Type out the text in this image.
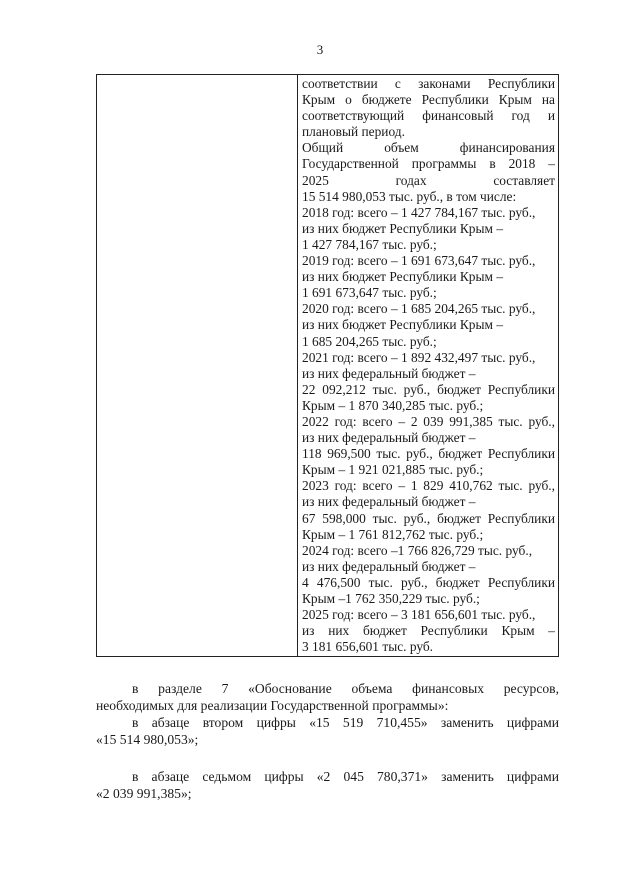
3

соответствии с законами Республики
Крым о бюджете Республики Крым на
соответствующий финансовый год и
плановый период.
Общий объем финансирования
Государственной программы в 2018 –
2025 годах составляет
15 514 980,053 тыс. руб., в том числе:
2018 год: всего – 1 427 784,167 тыс. руб.,
из них бюджет Республики Крым –
1 427 784,167 тыс. руб.;
2019 год: всего – 1 691 673,647 тыс. руб.,
из них бюджет Республики Крым –
1 691 673,647 тыс. руб.;
2020 год: всего – 1 685 204,265 тыс. руб.,
из них бюджет Республики Крым –
1 685 204,265 тыс. руб.;
2021 год: всего – 1 892 432,497 тыс. руб.,
из них федеральный бюджет –
22 092,212 тыс. руб., бюджет Республики
Крым – 1 870 340,285 тыс. руб.;
2022 год: всего – 2 039 991,385 тыс. руб.,
из них федеральный бюджет –
118 969,500 тыс. руб., бюджет Республики
Крым – 1 921 021,885 тыс. руб.;
2023 год: всего – 1 829 410,762 тыс. руб.,
из них федеральный бюджет –
67 598,000 тыс. руб., бюджет Республики
Крым – 1 761 812,762 тыс. руб.;
2024 год: всего –1 766 826,729 тыс. руб.,
из них федеральный бюджет –
4 476,500 тыс. руб., бюджет Республики
Крым –1 762 350,229 тыс. руб.;
2025 год: всего – 3 181 656,601 тыс. руб.,
из них бюджет Республики Крым –
3 181 656,601 тыс. руб.
в разделе 7 «Обоснование объема финансовых ресурсов,
необходимых для реализации Государственной программы»:
в абзаце втором цифры «15 519 710,455» заменить цифрами
«15 514 980,053»;
в абзаце седьмом цифры «2 045 780,371» заменить цифрами
«2 039 991,385»;
